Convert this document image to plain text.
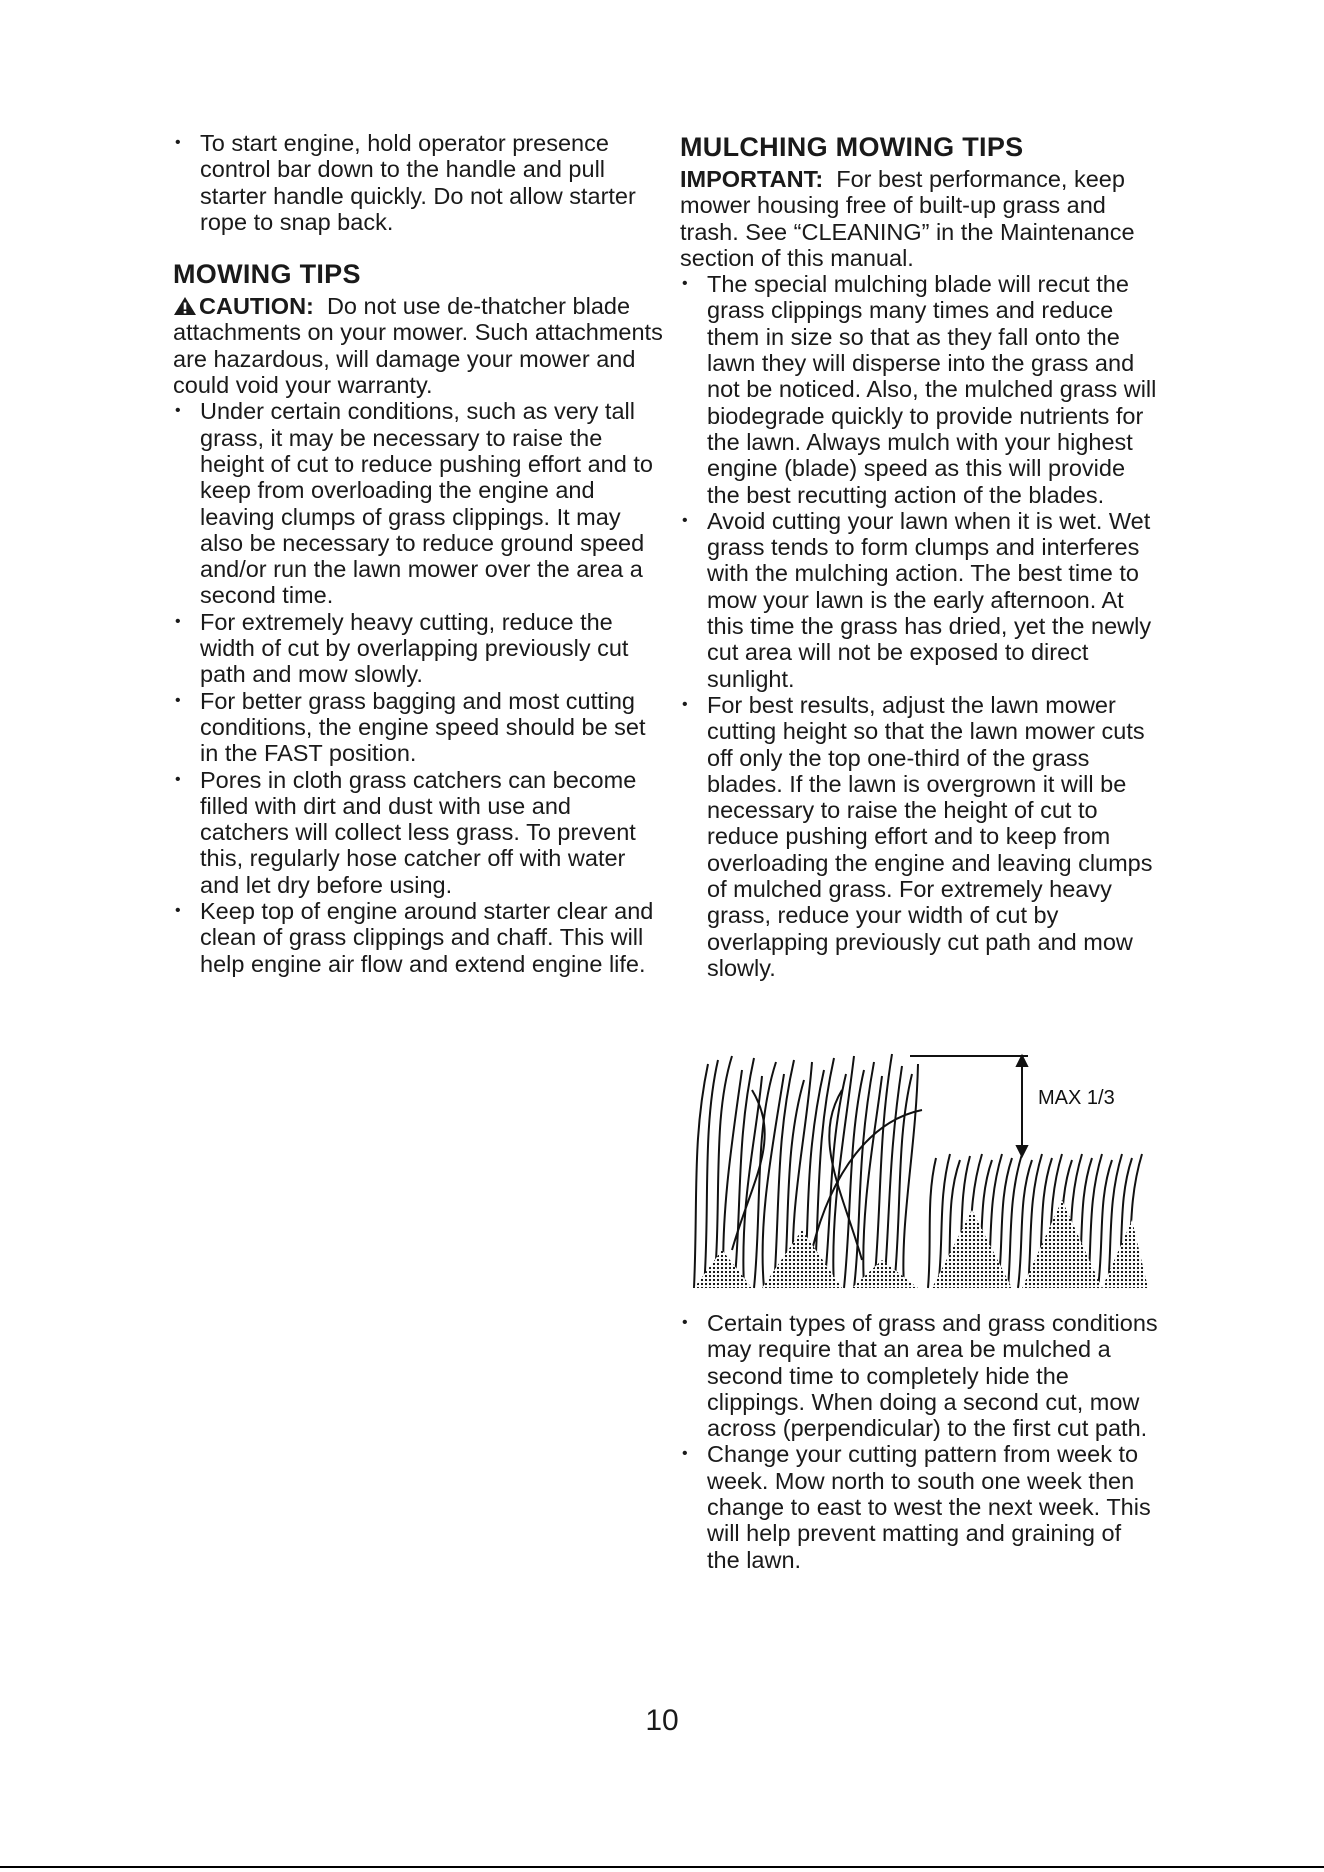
• To start engine, hold operator presence control bar down to the handle and pull starter handle quickly. Do not allow starter rope to snap back.
MOWING TIPS

CAUTION: Do not use de-thatcher blade attachments on your mower. Such attachments are hazardous, will damage your mower and could void your warranty.

• Under certain conditions, such as very tall grass, it may be necessary to raise the height of cut to reduce pushing effort and to keep from overloading the engine and leaving clumps of grass clippings. It may also be necessary to reduce ground speed and/or run the lawn mower over the area a second time.
• For extremely heavy cutting, reduce the width of cut by overlapping previously cut path and mow slowly.
• For better grass bagging and most cutting conditions, the engine speed should be set in the FAST position.
• Pores in cloth grass catchers can become filled with dirt and dust with use and catchers will collect less grass. To prevent this, regularly hose catcher off with water and let dry before using.
• Keep top of engine around starter clear and clean of grass clippings and chaff. This will help engine air flow and extend engine life.
MULCHING MOWING TIPS

IMPORTANT: For best performance, keep mower housing free of built-up grass and trash. See “CLEANING” in the Maintenance section of this manual.

• The special mulching blade will recut the grass clippings many times and reduce them in size so that as they fall onto the lawn they will disperse into the grass and not be noticed. Also, the mulched grass will biodegrade quickly to provide nutrients for the lawn. Always mulch with your highest engine (blade) speed as this will provide the best recutting action of the blades.
• Avoid cutting your lawn when it is wet. Wet grass tends to form clumps and interferes with the mulching action. The best time to mow your lawn is the early afternoon. At this time the grass has dried, yet the newly cut area will not be exposed to direct sunlight.
• For best results, adjust the lawn mower cutting height so that the lawn mower cuts off only the top one-third of the grass blades. If the lawn is overgrown it will be necessary to raise the height of cut to reduce pushing effort and to keep from overloading the engine and leaving clumps of mulched grass. For extremely heavy grass, reduce your width of cut by overlapping previously cut path and mow slowly.
MAX 1/3
• Certain types of grass and grass conditions may require that an area be mulched a second time to completely hide the clippings. When doing a second cut, mow across (perpendicular) to the first cut path.
• Change your cutting pattern from week to week. Mow north to south one week then change to east to west the next week. This will help prevent matting and graining of the lawn.
10
